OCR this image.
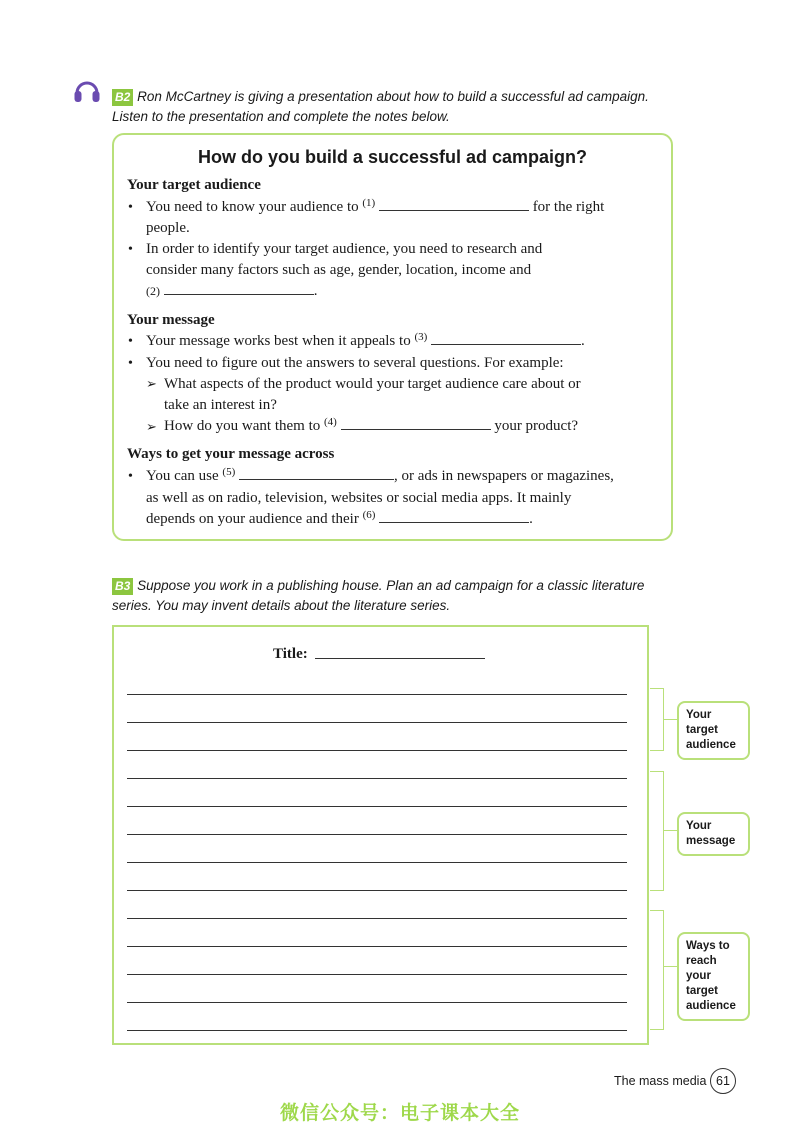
B2 Ron McCartney is giving a presentation about how to build a successful ad campaign.
Listen to the presentation and complete the notes below.
How do you build a successful ad campaign?
Your target audience
• You need to know your audience to $^{(1)}$	for the right
people.
• In order to identify your target audience, you need to research and
consider many factors such as age, gender, location, income and
(2)	.
Your message
• Your message works best when it appeals to $^{(3)}$	.
• You need to figure out the answers to several questions. For example:
➢ What aspects of the product would your target audience care about or
take an interest in?
➢ How do you want them to $^{(4)}$	your product?
Ways to get your message across
• You can use $^{(5)}$	, or ads in newspapers or magazines,
as well as on radio, television, websites or social media apps. It mainly
depends on your audience and their $^{(6)}$	.
B3 Suppose you work in a publishing house. Plan an ad campaign for a classic literature
series. You may invent details about the literature series.
Title:
Your target
audience
Your
message
Ways to
reach your
target
audience
The mass media 61
微信公众号：电子课本大全
